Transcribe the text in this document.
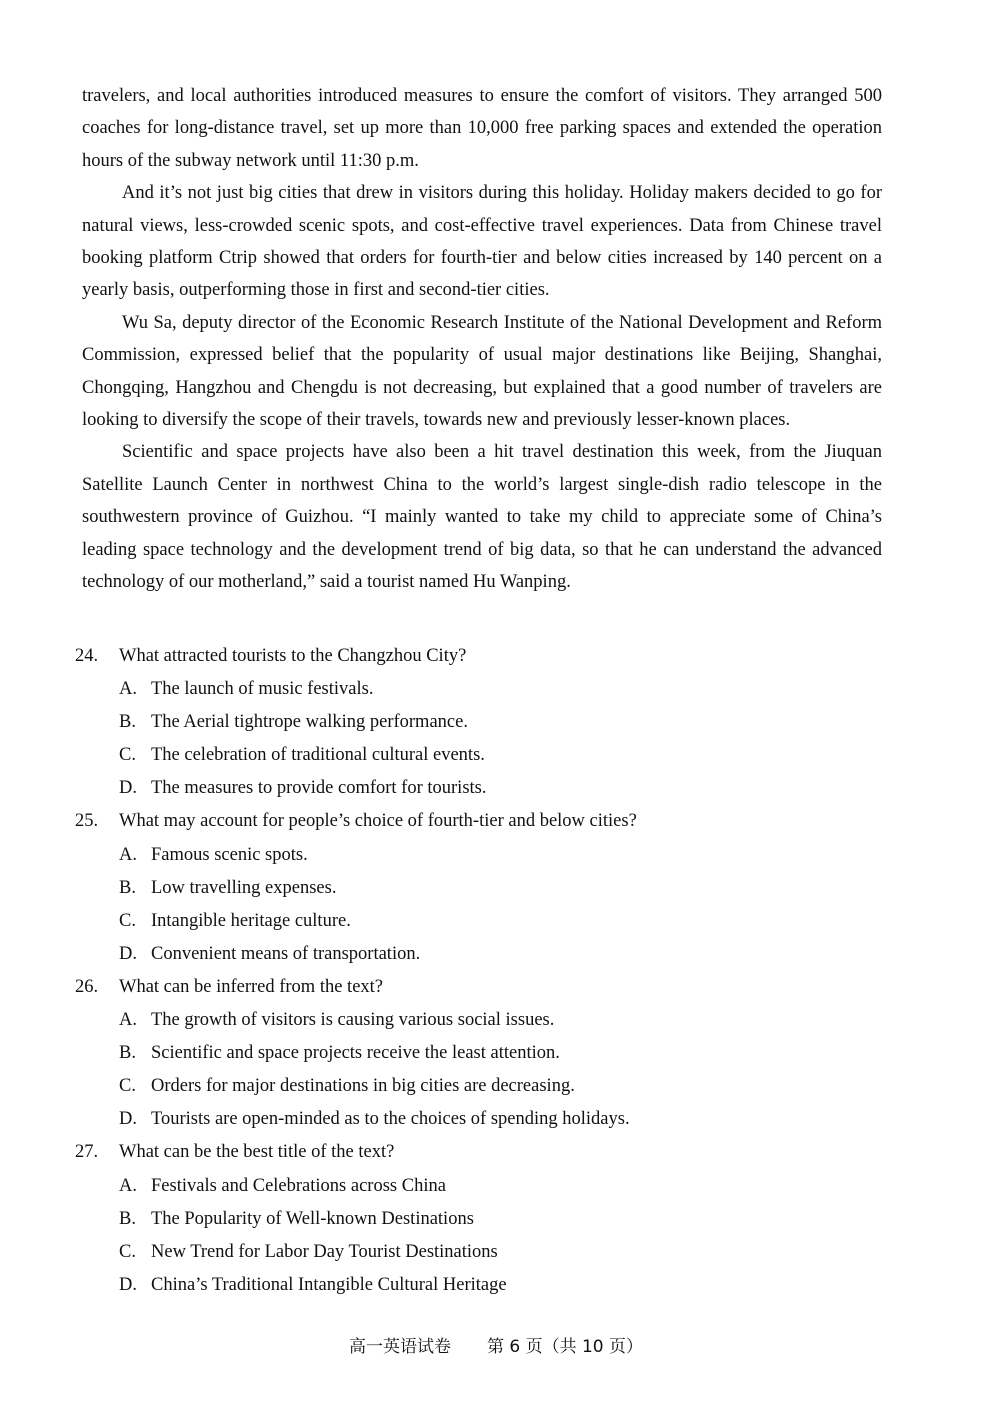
travelers, and local authorities introduced measures to ensure the comfort of visitors. They arranged 500 coaches for long-distance travel, set up more than 10,000 free parking spaces and extended the operation hours of the subway network until 11:30 p.m.

And it’s not just big cities that drew in visitors during this holiday. Holiday makers decided to go for natural views, less-crowded scenic spots, and cost-effective travel experiences. Data from Chinese travel booking platform Ctrip showed that orders for fourth-tier and below cities increased by 140 percent on a yearly basis, outperforming those in first and second-tier cities.

Wu Sa, deputy director of the Economic Research Institute of the National Development and Reform Commission, expressed belief that the popularity of usual major destinations like Beijing, Shanghai, Chongqing, Hangzhou and Chengdu is not decreasing, but explained that a good number of travelers are looking to diversify the scope of their travels, towards new and previously lesser-known places.

Scientific and space projects have also been a hit travel destination this week, from the Jiuquan Satellite Launch Center in northwest China to the world’s largest single-dish radio telescope in the southwestern province of Guizhou. “I mainly wanted to take my child to appreciate some of China’s leading space technology and the development trend of big data, so that he can understand the advanced technology of our motherland,” said a tourist named Hu Wanping.

24. What attracted tourists to the Changzhou City?
A. The launch of music festivals.
B. The Aerial tightrope walking performance.
C. The celebration of traditional cultural events.
D. The measures to provide comfort for tourists.
25. What may account for people’s choice of fourth-tier and below cities?
A. Famous scenic spots.
B. Low travelling expenses.
C. Intangible heritage culture.
D. Convenient means of transportation.
26. What can be inferred from the text?
A. The growth of visitors is causing various social issues.
B. Scientific and space projects receive the least attention.
C. Orders for major destinations in big cities are decreasing.
D. Tourists are open-minded as to the choices of spending holidays.
27. What can be the best title of the text?
A. Festivals and Celebrations across China
B. The Popularity of Well-known Destinations
C. New Trend for Labor Day Tourist Destinations
D. China’s Traditional Intangible Cultural Heritage
高一英语试卷 第 6 页（共 10 页）
